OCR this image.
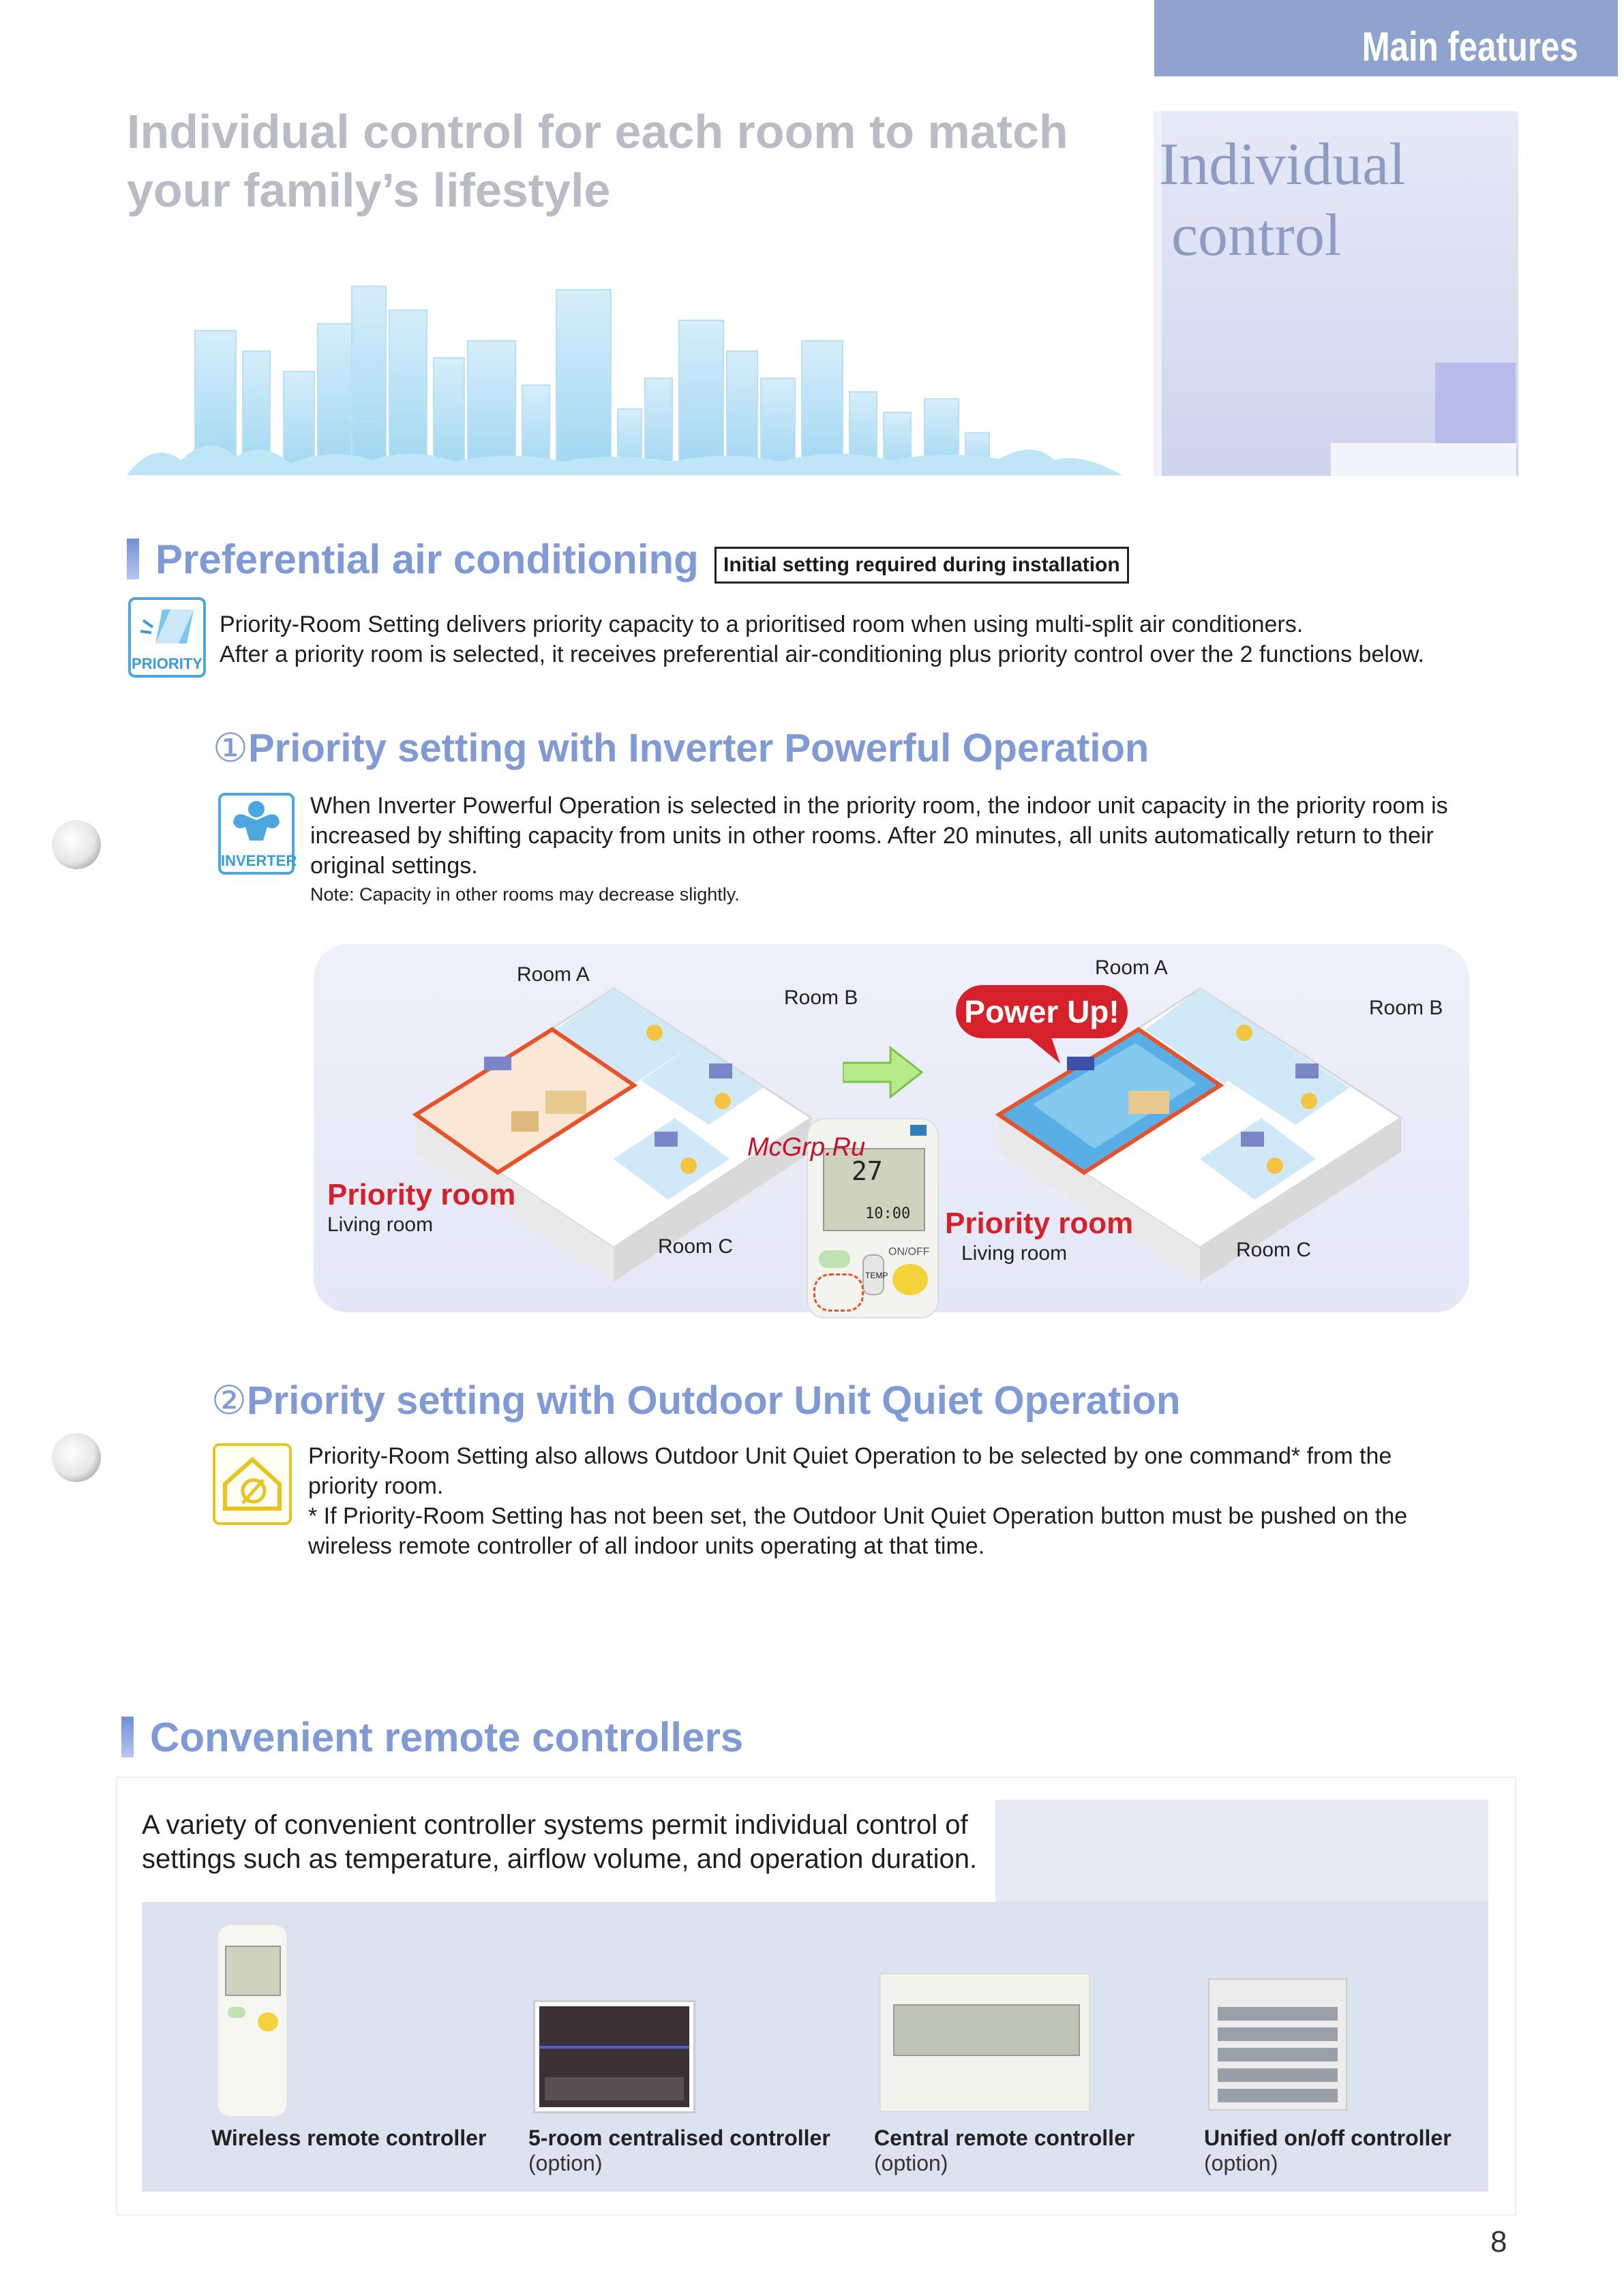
Main features
Individual control for each room to match
your family’s lifestyle	Individual
control
Preferential air conditioning	Initial setting required during installation
PRIORITY
Priority-Room Setting delivers priority capacity to a prioritised room when using multi-split air conditioners.
After a priority room is selected, it receives preferential air-conditioning plus priority control over the 2 functions below.
①Priority setting with Inverter Powerful Operation
INVERTER
When Inverter Powerful Operation is selected in the priority room, the indoor unit capacity in the priority room is
increased by shifting capacity from units in other rooms. After 20 minutes, all units automatically return to their
original settings.
Note: Capacity in other rooms may decrease slightly.
27
10:00
TEMP
ON/OFF
McGrp.Ru
Room A
Room B
Room C
Priority room
Living room
Room A
Room B
Room C
Priority room
Living room
Power Up!
②Priority setting with Outdoor Unit Quiet Operation
Priority-Room Setting also allows Outdoor Unit Quiet Operation to be selected by one command* from the
priority room.
* If Priority-Room Setting has not been set, the Outdoor Unit Quiet Operation button must be pushed on the
wireless remote controller of all indoor units operating at that time.
Convenient remote controllers
A variety of convenient controller systems permit individual control of
settings such as temperature, airflow volume, and operation duration.
Wireless remote controller 5-room centralised controller
(option)
Central remote controller
(option)
Unified on/off controller
(option)
8
